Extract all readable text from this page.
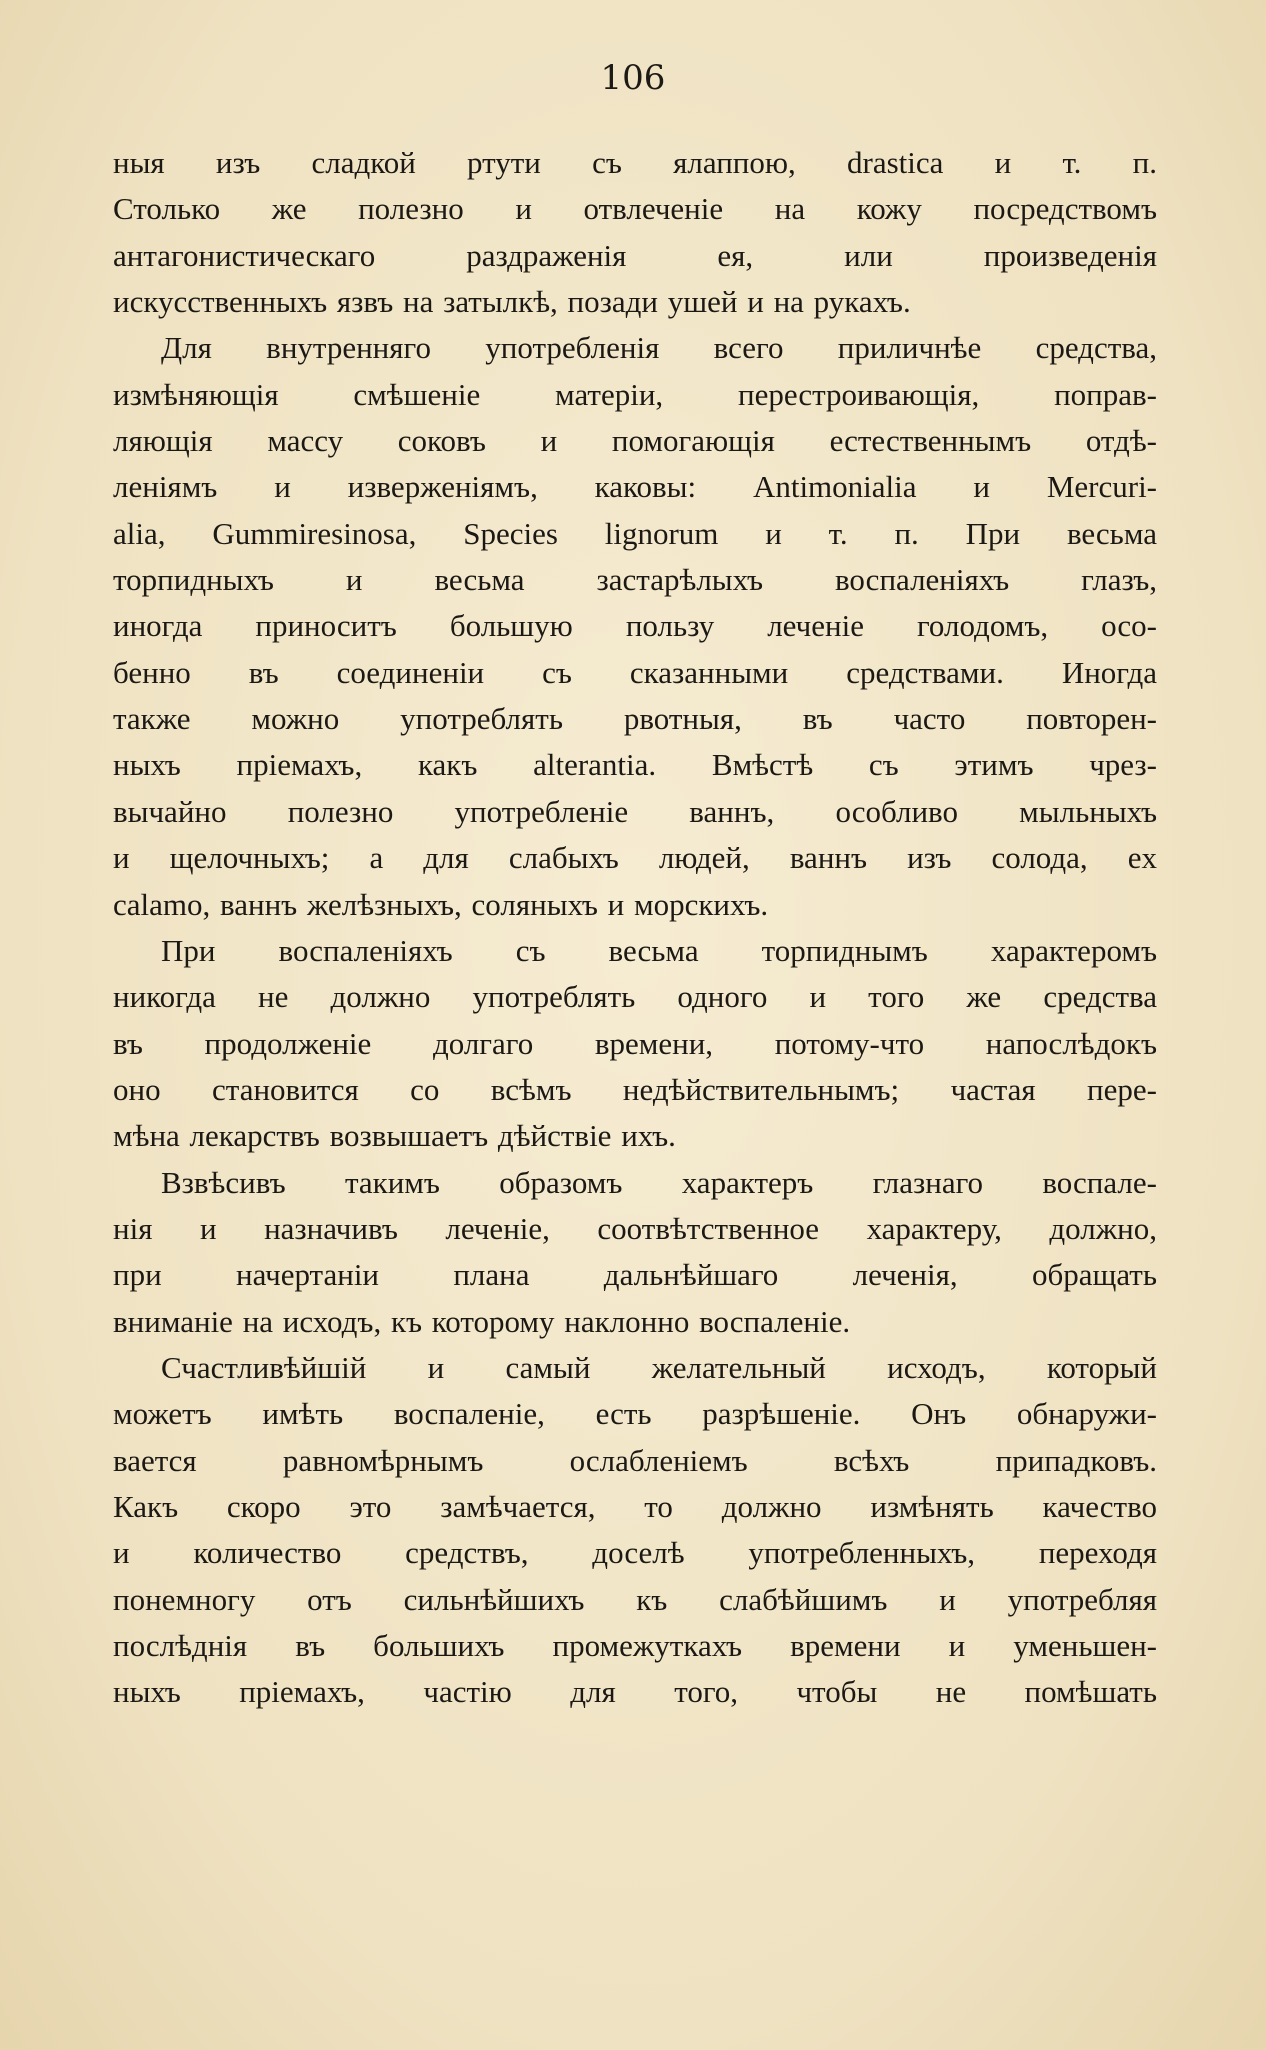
106
ныя изъ сладкой ртути съ ялаппою, drastica и т. п.
Столько же полезно и отвлеченіе на кожу посредствомъ
антагонистическаго раздраженія ея, или произведенія
искусственныхъ язвъ на затылкѣ, позади ушей и на рукахъ.
Для внутренняго употребленія всего приличнѣе средства,
измѣняющія смѣшеніе матеріи, перестроивающія, поправ-
ляющія массу соковъ и помогающія естественнымъ отдѣ-
леніямъ и изверженіямъ, каковы: Antimonialia и Mercuri-
alia, Gummiresinosa, Species lignorum и т. п. При весьма
торпидныхъ и весьма застарѣлыхъ воспаленіяхъ глазъ,
иногда приноситъ большую пользу леченіе голодомъ, осо-
бенно въ соединеніи съ сказанными средствами. Иногда
также можно употреблять рвотныя, въ часто повторен-
ныхъ пріемахъ, какъ alterantia. Вмѣстѣ съ этимъ чрез-
вычайно полезно употребленіе ваннъ, особливо мыльныхъ
и щелочныхъ; а для слабыхъ людей, ваннъ изъ солода, ex
calamo, ваннъ желѣзныхъ, соляныхъ и морскихъ.
При воспаленіяхъ съ весьма торпиднымъ характеромъ
никогда не должно употреблять одного и того же средства
въ продолженіе долгаго времени, потому-что напослѣдокъ
оно становится со всѣмъ недѣйствительнымъ; частая пере-
мѣна лекарствъ возвышаетъ дѣйствіе ихъ.
Взвѣсивъ такимъ образомъ характеръ глазнаго воспале-
нія и назначивъ леченіе, соотвѣтственное характеру, должно,
при начертаніи плана дальнѣйшаго леченія, обращать
вниманіе на исходъ, къ которому наклонно воспаленіе.
Счастливѣйшій и самый желательный исходъ, который
можетъ имѣть воспаленіе, есть разрѣшеніе. Онъ обнаружи-
вается равномѣрнымъ ослабленіемъ всѣхъ припадковъ.
Какъ скоро это замѣчается, то должно измѣнять качество
и количество средствъ, доселѣ употребленныхъ, переходя
понемногу отъ сильнѣйшихъ къ слабѣйшимъ и употребляя
послѣднія въ большихъ промежуткахъ времени и уменьшен-
ныхъ пріемахъ, частію для того, чтобы не помѣшать
